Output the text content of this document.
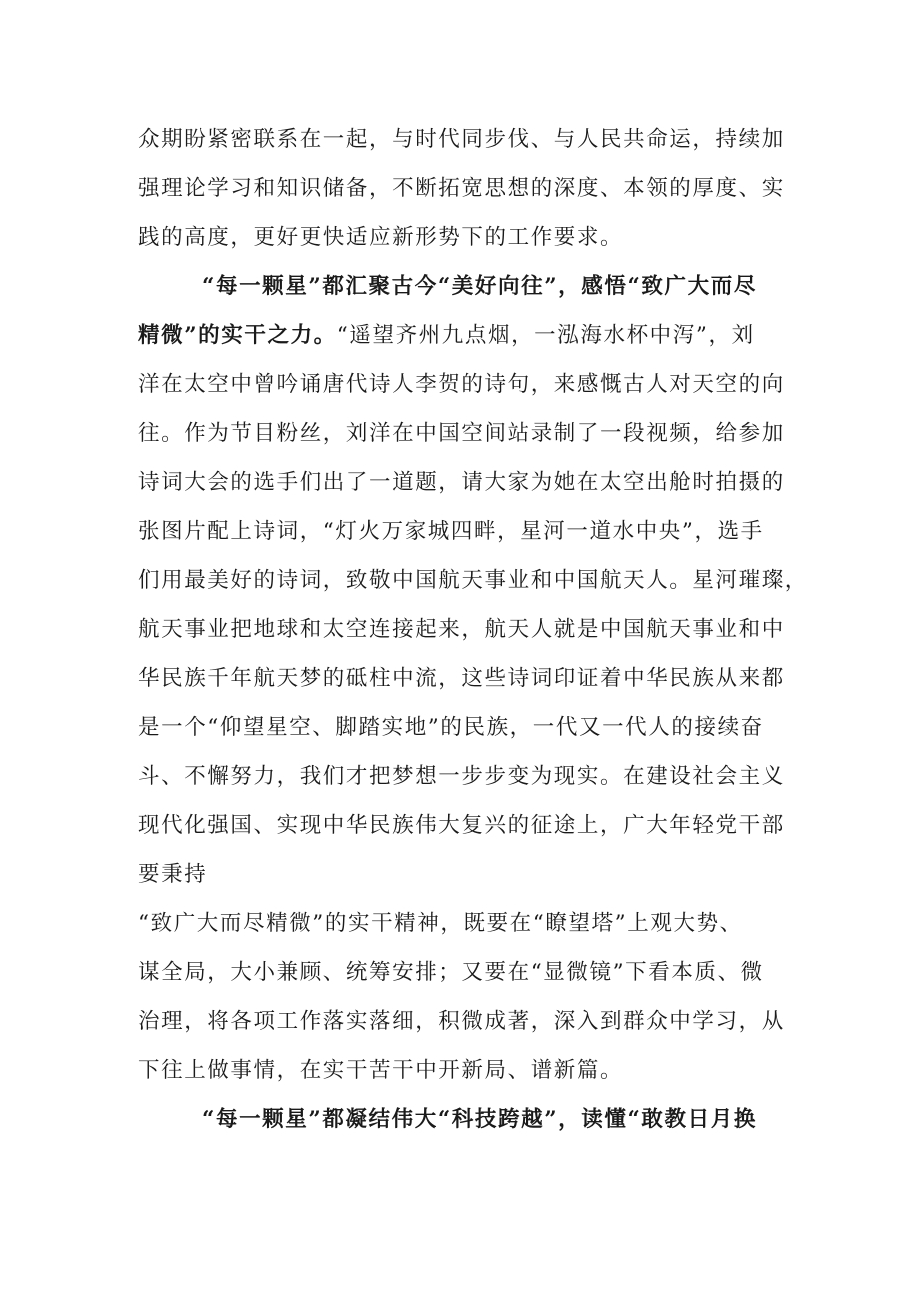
众期盼紧密联系在一起，与时代同步伐、与人民共命运，持续加
强理论学习和知识储备，不断拓宽思想的深度、本领的厚度、实
践的高度，更好更快适应新形势下的工作要求。
“每一颗星”都汇聚古今“美好向往”，感悟“致广大而尽
精微”的实干之力。“遥望齐州九点烟，一泓海水杯中泻”，刘
洋在太空中曾吟诵唐代诗人李贺的诗句，来感慨古人对天空的向
往。作为节目粉丝，刘洋在中国空间站录制了一段视频，给参加
诗词大会的选手们出了一道题，请大家为她在太空出舱时拍摄的
张图片配上诗词，“灯火万家城四畔，星河一道水中央”，选手
们用最美好的诗词，致敬中国航天事业和中国航天人。星河璀璨，
航天事业把地球和太空连接起来，航天人就是中国航天事业和中
华民族千年航天梦的砥柱中流，这些诗词印证着中华民族从来都
是一个“仰望星空、脚踏实地”的民族，一代又一代人的接续奋
斗、不懈努力，我们才把梦想一步步变为现实。在建设社会主义
现代化强国、实现中华民族伟大复兴的征途上，广大年轻党干部
要秉持
“致广大而尽精微”的实干精神，既要在“瞭望塔”上观大势、
谋全局，大小兼顾、统筹安排；又要在“显微镜”下看本质、微
治理，将各项工作落实落细，积微成著，深入到群众中学习，从
下往上做事情，在实干苦干中开新局、谱新篇。
“每一颗星”都凝结伟大“科技跨越”，读懂“敢教日月换
